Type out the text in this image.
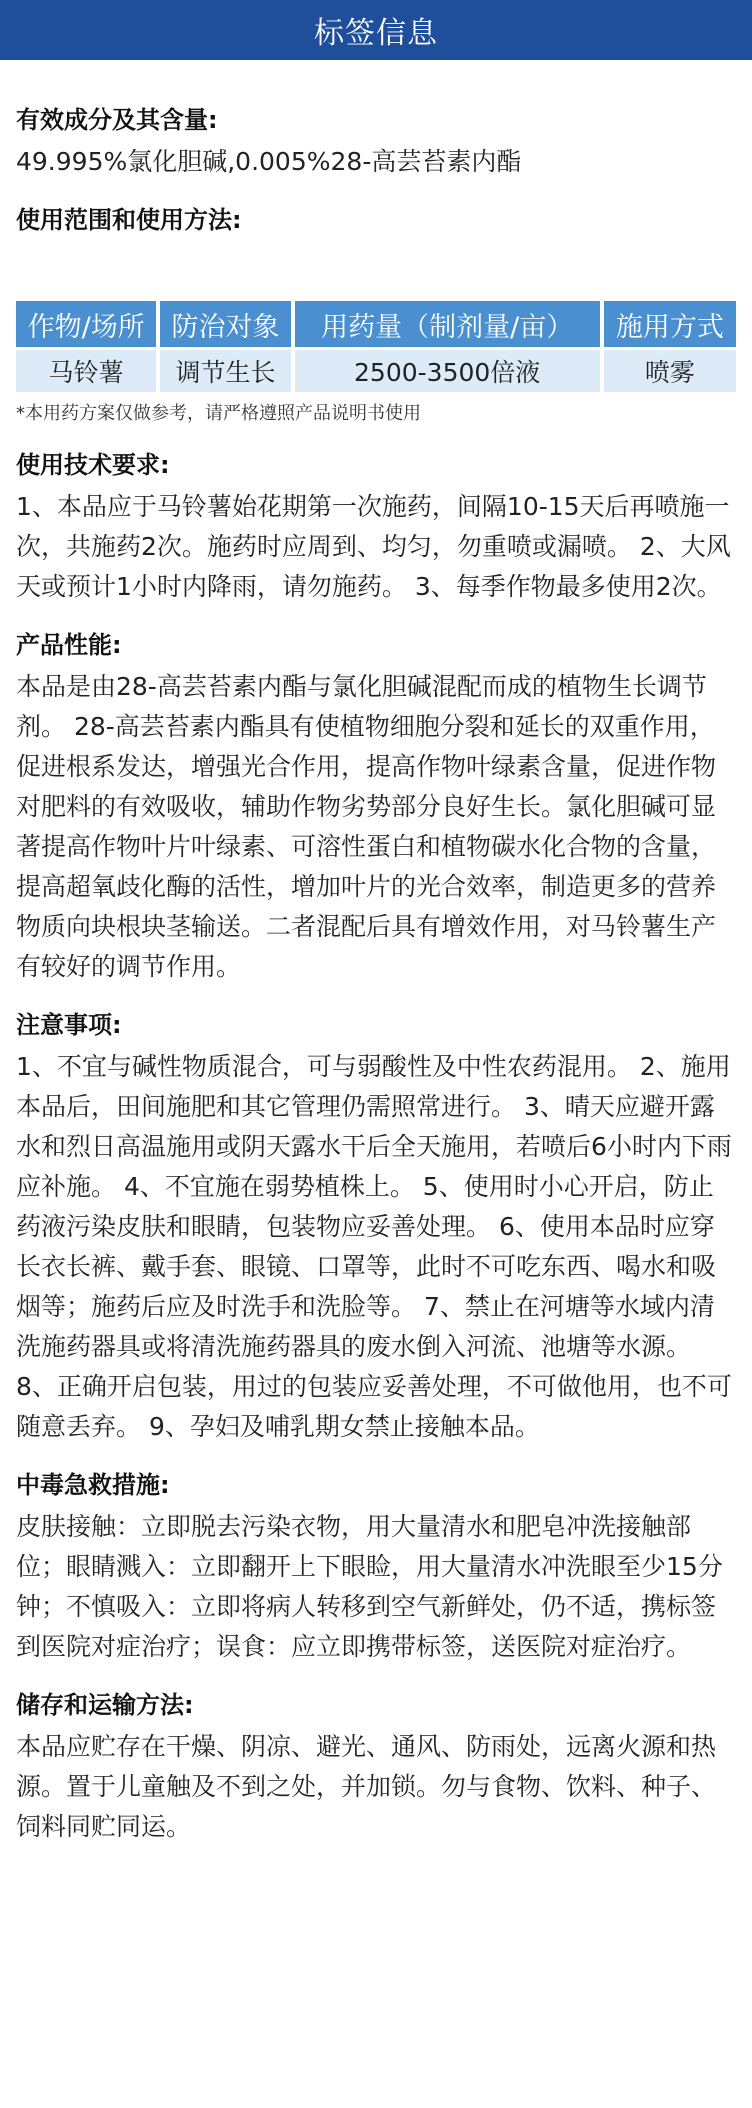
标签信息
有效成分及其含量:

49.995%氯化胆碱,0.005%28-高芸苔素内酯

使用范围和使用方法:
作物/场所	防治对象	用药量（制剂量/亩）	施用方式
马铃薯	调节生长	2500-3500倍液	喷雾
*本用药方案仅做参考，请严格遵照产品说明书使用
使用技术要求:

1、本品应于马铃薯始花期第一次施药，间隔10-15天后再喷施一次，共施药2次。施药时应周到、均匀，勿重喷或漏喷。 2、大风天或预计1小时内降雨，请勿施药。 3、每季作物最多使用2次。

产品性能:

本品是由28-高芸苔素内酯与氯化胆碱混配而成的植物生长调节剂。 28-高芸苔素内酯具有使植物细胞分裂和延长的双重作用，促进根系发达，增强光合作用，提高作物叶绿素含量，促进作物对肥料的有效吸收，辅助作物劣势部分良好生长。氯化胆碱可显著提高作物叶片叶绿素、可溶性蛋白和植物碳水化合物的含量，提高超氧歧化酶的活性，增加叶片的光合效率，制造更多的营养物质向块根块茎输送。二者混配后具有增效作用，对马铃薯生产有较好的调节作用。

注意事项:

1、不宜与碱性物质混合，可与弱酸性及中性农药混用。 2、施用本品后，田间施肥和其它管理仍需照常进行。 3、晴天应避开露水和烈日高温施用或阴天露水干后全天施用，若喷后6小时内下雨应补施。 4、不宜施在弱势植株上。 5、使用时小心开启，防止药液污染皮肤和眼睛，包装物应妥善处理。 6、使用本品时应穿长衣长裤、戴手套、眼镜、口罩等，此时不可吃东西、喝水和吸烟等；施药后应及时洗手和洗脸等。 7、禁止在河塘等水域内清洗施药器具或将清洗施药器具的废水倒入河流、池塘等水源。 8、正确开启包装，用过的包装应妥善处理，不可做他用，也不可随意丢弃。 9、孕妇及哺乳期女禁止接触本品。

中毒急救措施:

皮肤接触：立即脱去污染衣物，用大量清水和肥皂冲洗接触部位；眼睛溅入：立即翻开上下眼睑，用大量清水冲洗眼至少15分钟；不慎吸入：立即将病人转移到空气新鲜处，仍不适，携标签到医院对症治疗；误食：应立即携带标签，送医院对症治疗。

储存和运输方法:

本品应贮存在干燥、阴凉、避光、通风、防雨处，远离火源和热源。置于儿童触及不到之处，并加锁。勿与食物、饮料、种子、饲料同贮同运。
